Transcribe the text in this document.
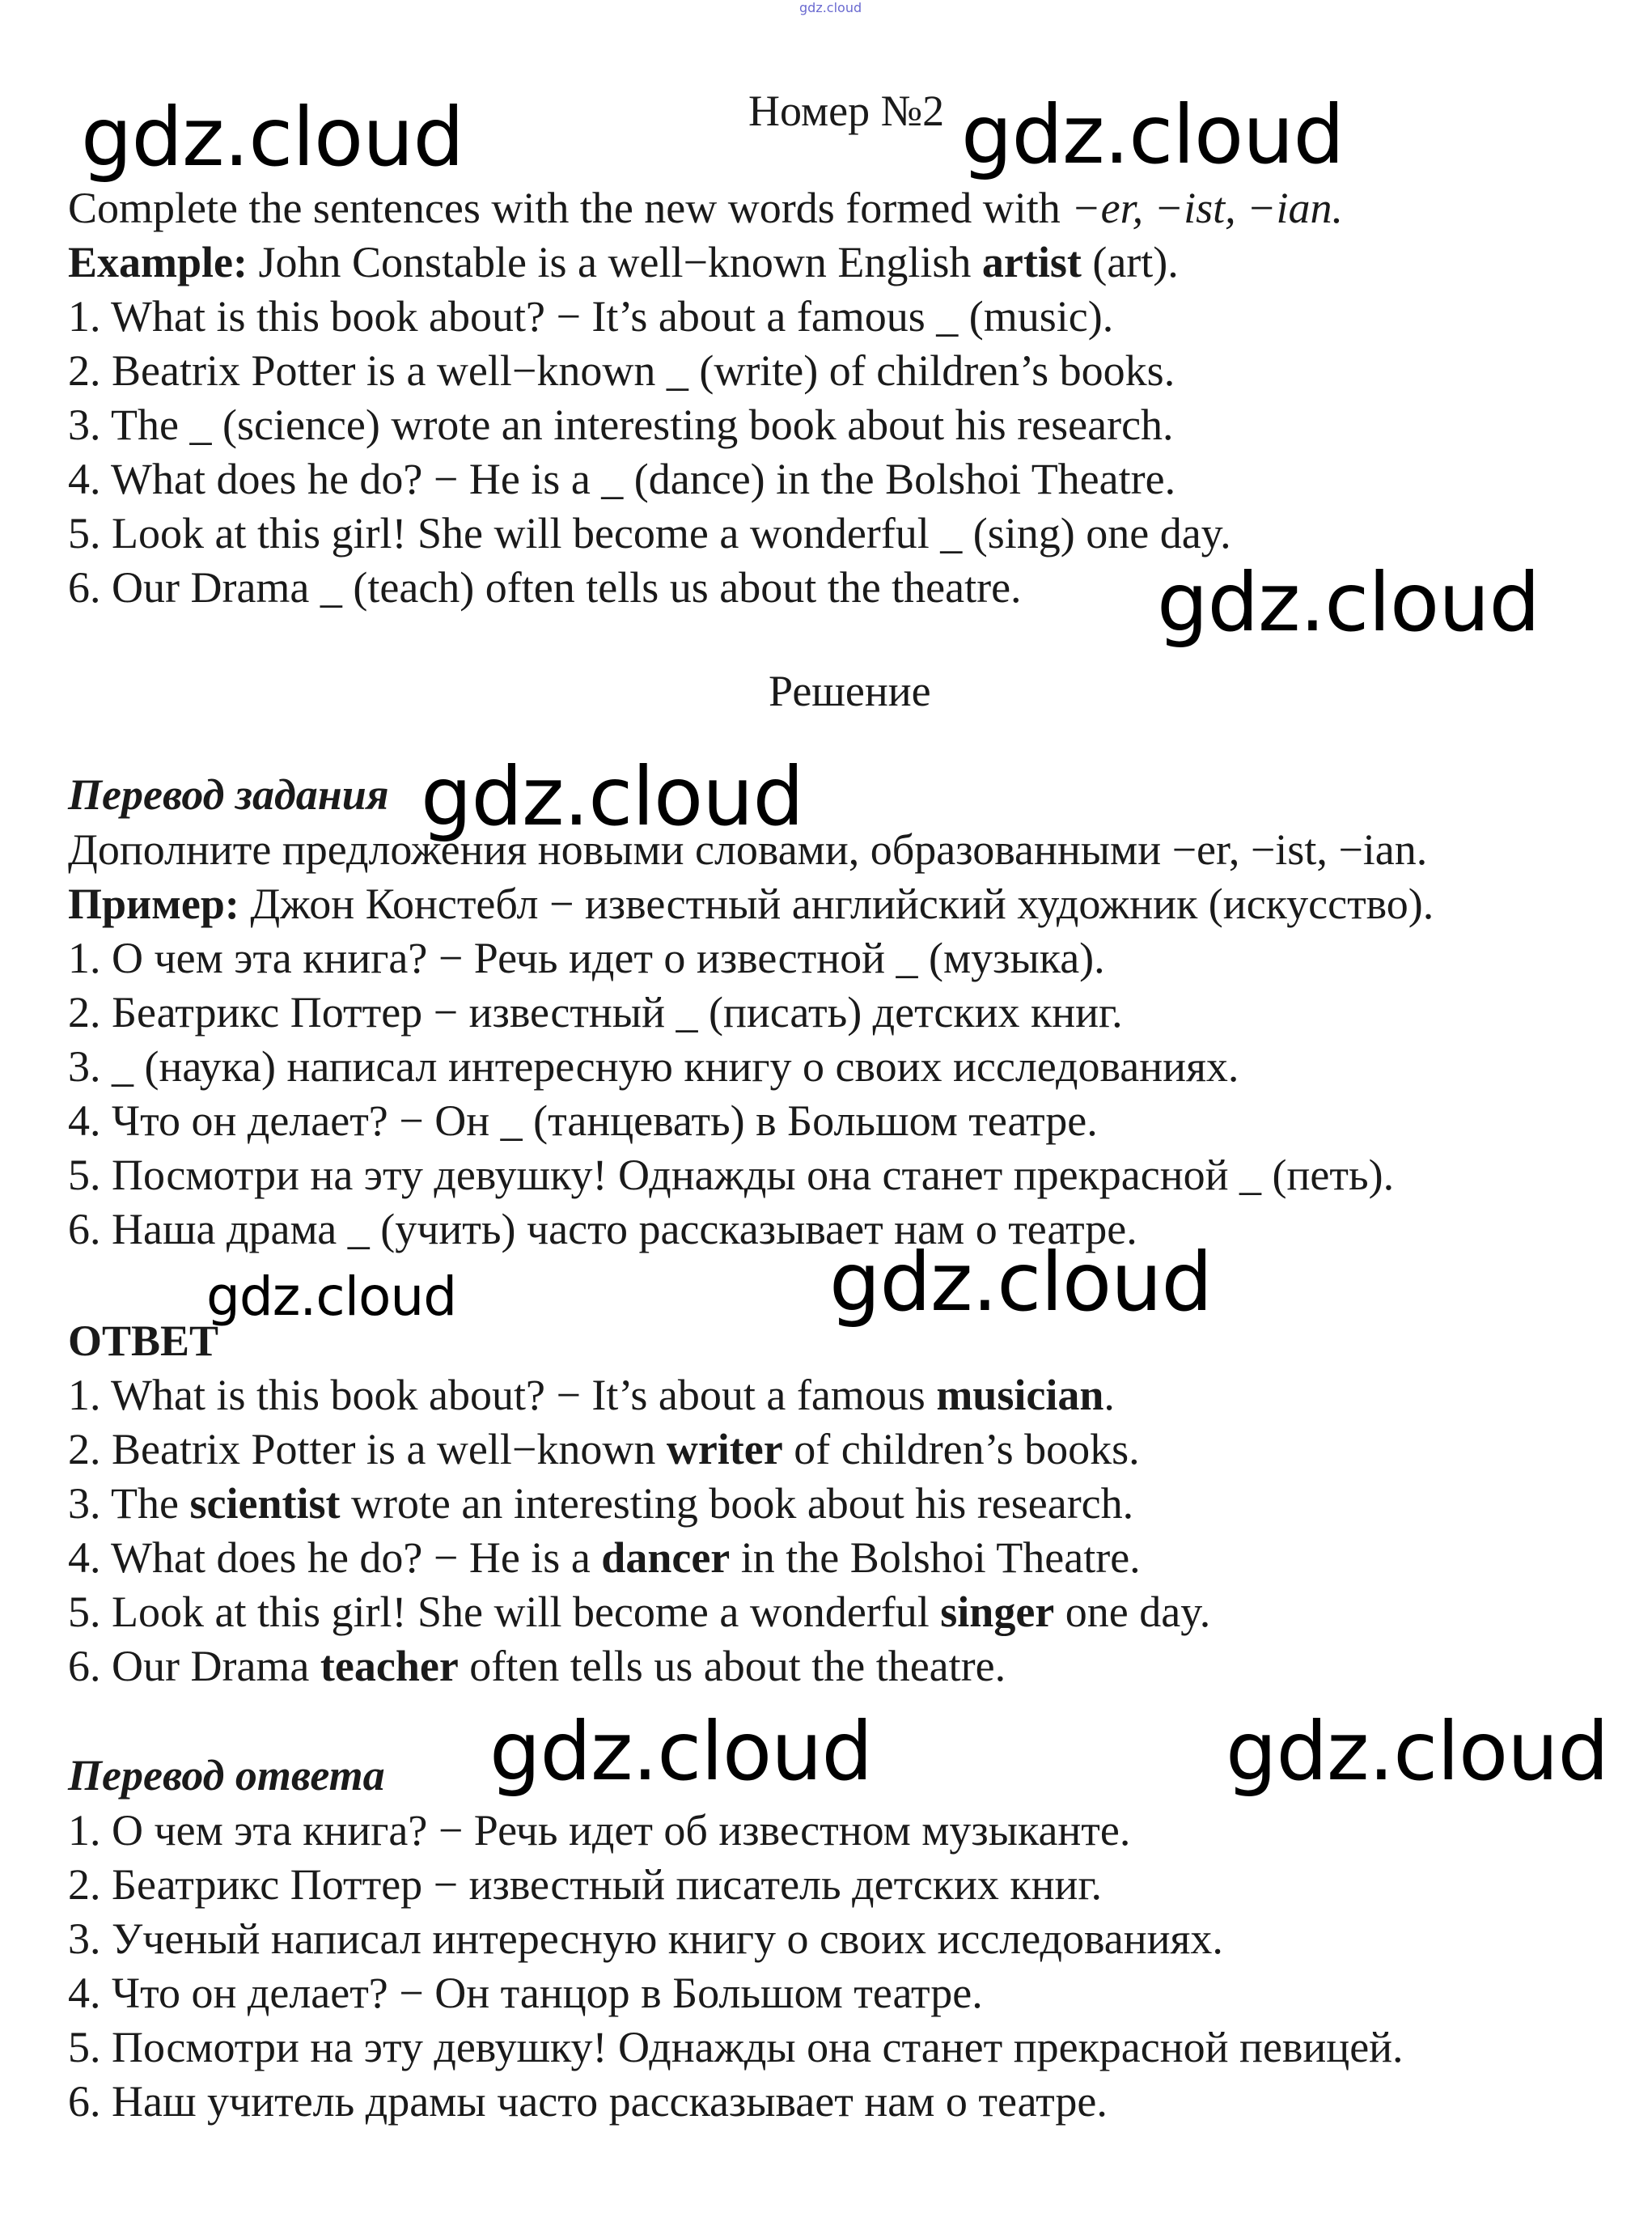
gdz.cloud
gdz.cloud	gdz.cloud
gdz.cloud
gdz.cloud
gdz.cloud	gdz.cloud
gdz.cloud	gdz.cloud
Номер №2
Complete the sentences with the new words formed with −er, −ist, −ian.
Example: John Constable is a well−known English artist (art).
1. What is this book about? − It’s about a famous _ (music).
2. Beatrix Potter is a well−known _ (write) of children’s books.
3. The _ (science) wrote an interesting book about his research.
4. What does he do? − He is a _ (dance) in the Bolshoi Theatre.
5. Look at this girl! She will become a wonderful _ (sing) one day.
6. Our Drama _ (teach) often tells us about the theatre.
Решение
Перевод задания
Дополните предложения новыми словами, образованными −er, −ist, −ian.
Пример: Джон Констебл − известный английский художник (искусство).
1. О чем эта книга? − Речь идет о известной _ (музыка).
2. Беатрикс Поттер − известный _ (писать) детских книг.
3. _ (наука) написал интересную книгу о своих исследованиях.
4. Что он делает? − Он _ (танцевать) в Большом театре.
5. Посмотри на эту девушку! Однажды она станет прекрасной _ (петь).
6. Наша драма _ (учить) часто рассказывает нам о театре.
ОТВЕТ
1. What is this book about? − It’s about a famous musician.
2. Beatrix Potter is a well−known writer of children’s books.
3. The scientist wrote an interesting book about his research.
4. What does he do? − He is a dancer in the Bolshoi Theatre.
5. Look at this girl! She will become a wonderful singer one day.
6. Our Drama teacher often tells us about the theatre.
Перевод ответа
1. О чем эта книга? − Речь идет об известном музыканте.
2. Беатрикс Поттер − известный писатель детских книг.
3. Ученый написал интересную книгу о своих исследованиях.
4. Что он делает? − Он танцор в Большом театре.
5. Посмотри на эту девушку! Однажды она станет прекрасной певицей.
6. Наш учитель драмы часто рассказывает нам о театре.
